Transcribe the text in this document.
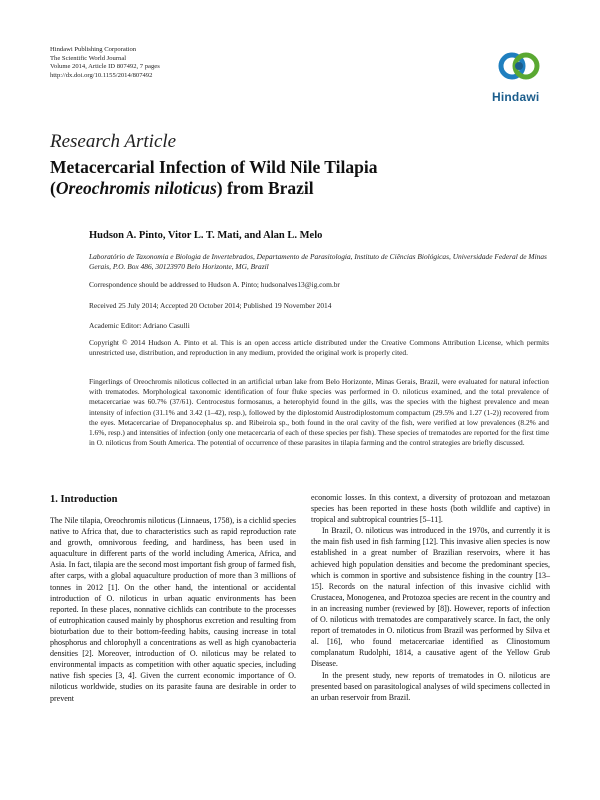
Hindawi Publishing Corporation
The Scientific World Journal
Volume 2014, Article ID 807492, 7 pages
http://dx.doi.org/10.1155/2014/807492
Hindawi
Research Article
Metacercarial Infection of Wild Nile Tilapia
(Oreochromis niloticus) from Brazil
Hudson A. Pinto, Vitor L. T. Mati, and Alan L. Melo
Laboratório de Taxonomia e Biologia de Invertebrados, Departamento de Parasitologia, Instituto de Ciências Biológicas, Universidade Federal de Minas Gerais, P.O. Box 486, 30123970 Belo Horizonte, MG, Brazil
Correspondence should be addressed to Hudson A. Pinto; hudsonalves13@ig.com.br
Received 25 July 2014; Accepted 20 October 2014; Published 19 November 2014
Academic Editor: Adriano Casulli
Copyright © 2014 Hudson A. Pinto et al. This is an open access article distributed under the Creative Commons Attribution License, which permits unrestricted use, distribution, and reproduction in any medium, provided the original work is properly cited.
Fingerlings of Oreochromis niloticus collected in an artificial urban lake from Belo Horizonte, Minas Gerais, Brazil, were evaluated for natural infection with trematodes. Morphological taxonomic identification of four fluke species was performed in O. niloticus examined, and the total prevalence of metacercariae was 60.7% (37/61). Centrocestus formosanus, a heterophyid found in the gills, was the species with the highest prevalence and mean intensity of infection (31.1% and 3.42 (1–42), resp.), followed by the diplostomid Austrodiplostomum compactum (29.5% and 1.27 (1-2)) recovered from the eyes. Metacercariae of Drepanocephalus sp. and Ribeiroia sp., both found in the oral cavity of the fish, were verified at low prevalences (8.2% and 1.6%, resp.) and intensities of infection (only one metacercaria of each of these species per fish). These species of trematodes are reported for the first time in O. niloticus from South America. The potential of occurrence of these parasites in tilapia farming and the control strategies are briefly discussed.
1. Introduction

The Nile tilapia, Oreochromis niloticus (Linnaeus, 1758), is a cichlid species native to Africa that, due to characteristics such as rapid reproduction rate and growth, omnivorous feeding, and hardiness, has been used in aquaculture in different parts of the world including America, Africa, and Asia. In fact, tilapia are the second most important fish group of farmed fish, after carps, with a global aquaculture production of more than 3 millions of tonnes in 2012 [1]. On the other hand, the intentional or accidental introduction of O. niloticus in urban aquatic environments has been reported. In these places, nonnative cichlids can contribute to the processes of eutrophication caused mainly by phosphorus excretion and resulting from bioturbation due to their bottom-feeding habits, causing increase in total phosphorus and chlorophyll a concentrations as well as high cyanobacteria densities [2]. Moreover, introduction of O. niloticus may be related to environmental impacts as competition with other aquatic species, including native fish species [3, 4]. Given the current economic importance of O. niloticus worldwide, studies on its parasite fauna are desirable in order to prevent

economic losses. In this context, a diversity of protozoan and metazoan species has been reported in these hosts (both wildlife and captive) in tropical and subtropical countries [5–11].

In Brazil, O. niloticus was introduced in the 1970s, and currently it is the main fish used in fish farming [12]. This invasive alien species is now established in a great number of Brazilian reservoirs, where it has achieved high population densities and become the predominant species, which is common in sportive and subsistence fishing in the country [13–15]. Records on the natural infection of this invasive cichlid with Crustacea, Monogenea, and Protozoa species are recent in the country and in an increasing number (reviewed by [8]). However, reports of infection of O. niloticus with trematodes are comparatively scarce. In fact, the only report of trematodes in O. niloticus from Brazil was performed by Silva et al. [16], who found metacercariae identified as Clinostomum complanatum Rudolphi, 1814, a causative agent of the Yellow Grub Disease.

In the present study, new reports of trematodes in O. niloticus are presented based on parasitological analyses of wild specimens collected in an urban reservoir from Brazil.
